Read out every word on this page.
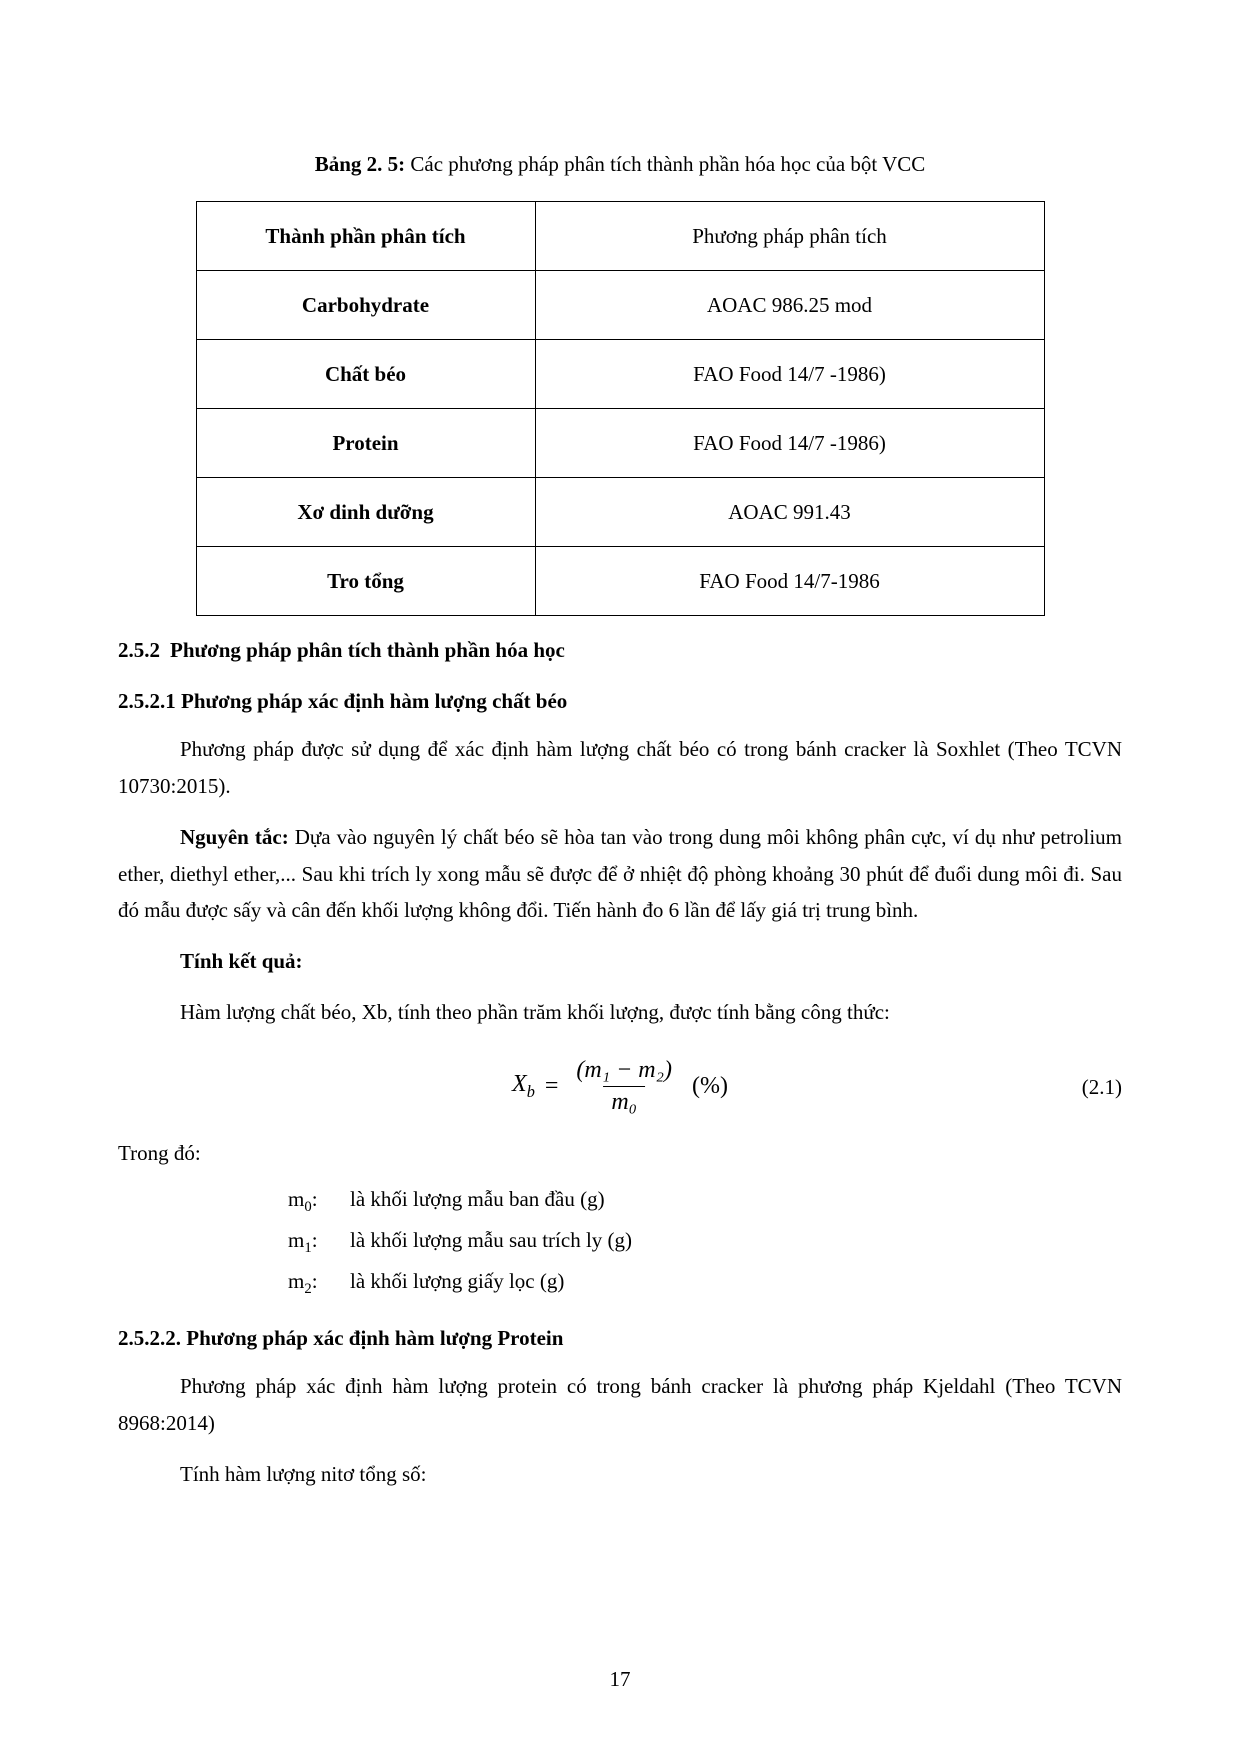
Bảng 2. 5: Các phương pháp phân tích thành phần hóa học của bột VCC
Thành phần phân tích	Phương pháp phân tích
Carbohydrate	AOAC 986.25 mod
Chất béo	FAO Food 14/7 -1986)
Protein	FAO Food 14/7 -1986)
Xơ dinh dưỡng	AOAC 991.43
Tro tổng	FAO Food 14/7-1986
2.5.2 Phương pháp phân tích thành phần hóa học
2.5.2.1 Phương pháp xác định hàm lượng chất béo

Phương pháp được sử dụng để xác định hàm lượng chất béo có trong bánh cracker là Soxhlet (Theo TCVN 10730:2015).

Nguyên tắc: Dựa vào nguyên lý chất béo sẽ hòa tan vào trong dung môi không phân cực, ví dụ như petrolium ether, diethyl ether,... Sau khi trích ly xong mẫu sẽ được để ở nhiệt độ phòng khoảng 30 phút để đuổi dung môi đi. Sau đó mẫu được sấy và cân đến khối lượng không đổi. Tiến hành đo 6 lần để lấy giá trị trung bình.

Tính kết quả:

Hàm lượng chất béo, Xb, tính theo phần trăm khối lượng, được tính bằng công thức:

$X_b = \frac{\text{(m₁ − m₂)}}{\text{m₀}}$ (%)	(2.1)
Trong đó:
$m_0$:	là khối lượng mẫu ban đầu (g)
$m_1$:	là khối lượng mẫu sau trích ly (g)
$m_2$:	là khối lượng giấy lọc (g)
2.5.2.2. Phương pháp xác định hàm lượng Protein

Phương pháp xác định hàm lượng protein có trong bánh cracker là phương pháp Kjeldahl (Theo TCVN 8968:2014)

Tính hàm lượng nitơ tổng số:

17
